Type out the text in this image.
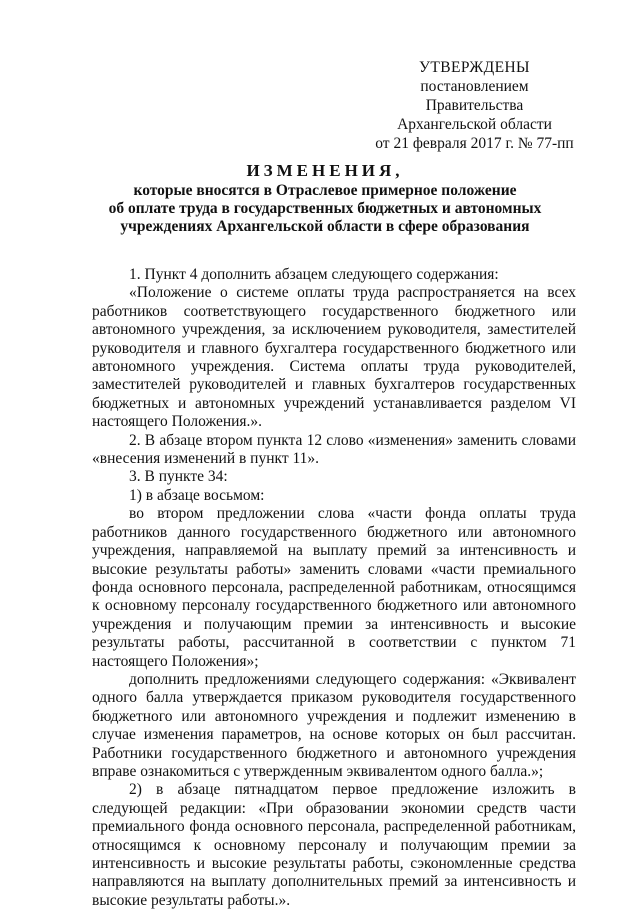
УТВЕРЖДЕНЫ
постановлением Правительства
Архангельской области
от 21 февраля 2017 г. № 77-пп
ИЗМЕНЕНИЯ,
которые вносятся в Отраслевое примерное положение
об оплате труда в государственных бюджетных и автономных
учреждениях Архангельской области в сфере образования

1. Пункт 4 дополнить абзацем следующего содержания:

«Положение о системе оплаты труда распространяется на всех работников соответствующего государственного бюджетного или автономного учреждения, за исключением руководителя, заместителей руководителя и главного бухгалтера государственного бюджетного или автономного учреждения. Система оплаты труда руководителей, заместителей руководителей и главных бухгалтеров государственных бюджетных и автономных учреждений устанавливается разделом VI настоящего Положения.».

2. В абзаце втором пункта 12 слово «изменения» заменить словами «внесения изменений в пункт 11».

3. В пункте 34:

1) в абзаце восьмом:

во втором предложении слова «части фонда оплаты труда работников данного государственного бюджетного или автономного учреждения, направляемой на выплату премий за интенсивность и высокие результаты работы» заменить словами «части премиального фонда основного персонала, распределенной работникам, относящимся к основному персоналу государственного бюджетного или автономного учреждения и получающим премии за интенсивность и высокие результаты работы, рассчитанной в соответствии с пунктом 71 настоящего Положения»;

дополнить предложениями следующего содержания: «Эквивалент одного балла утверждается приказом руководителя государственного бюджетного или автономного учреждения и подлежит изменению в случае изменения параметров, на основе которых он был рассчитан. Работники государственного бюджетного и автономного учреждения вправе ознакомиться с утвержденным эквивалентом одного балла.»;

2) в абзаце пятнадцатом первое предложение изложить в следующей редакции: «При образовании экономии средств части премиального фонда основного персонала, распределенной работникам, относящимся к основному персоналу и получающим премии за интенсивность и высокие результаты работы, сэкономленные средства направляются на выплату дополнительных премий за интенсивность и высокие результаты работы.».
